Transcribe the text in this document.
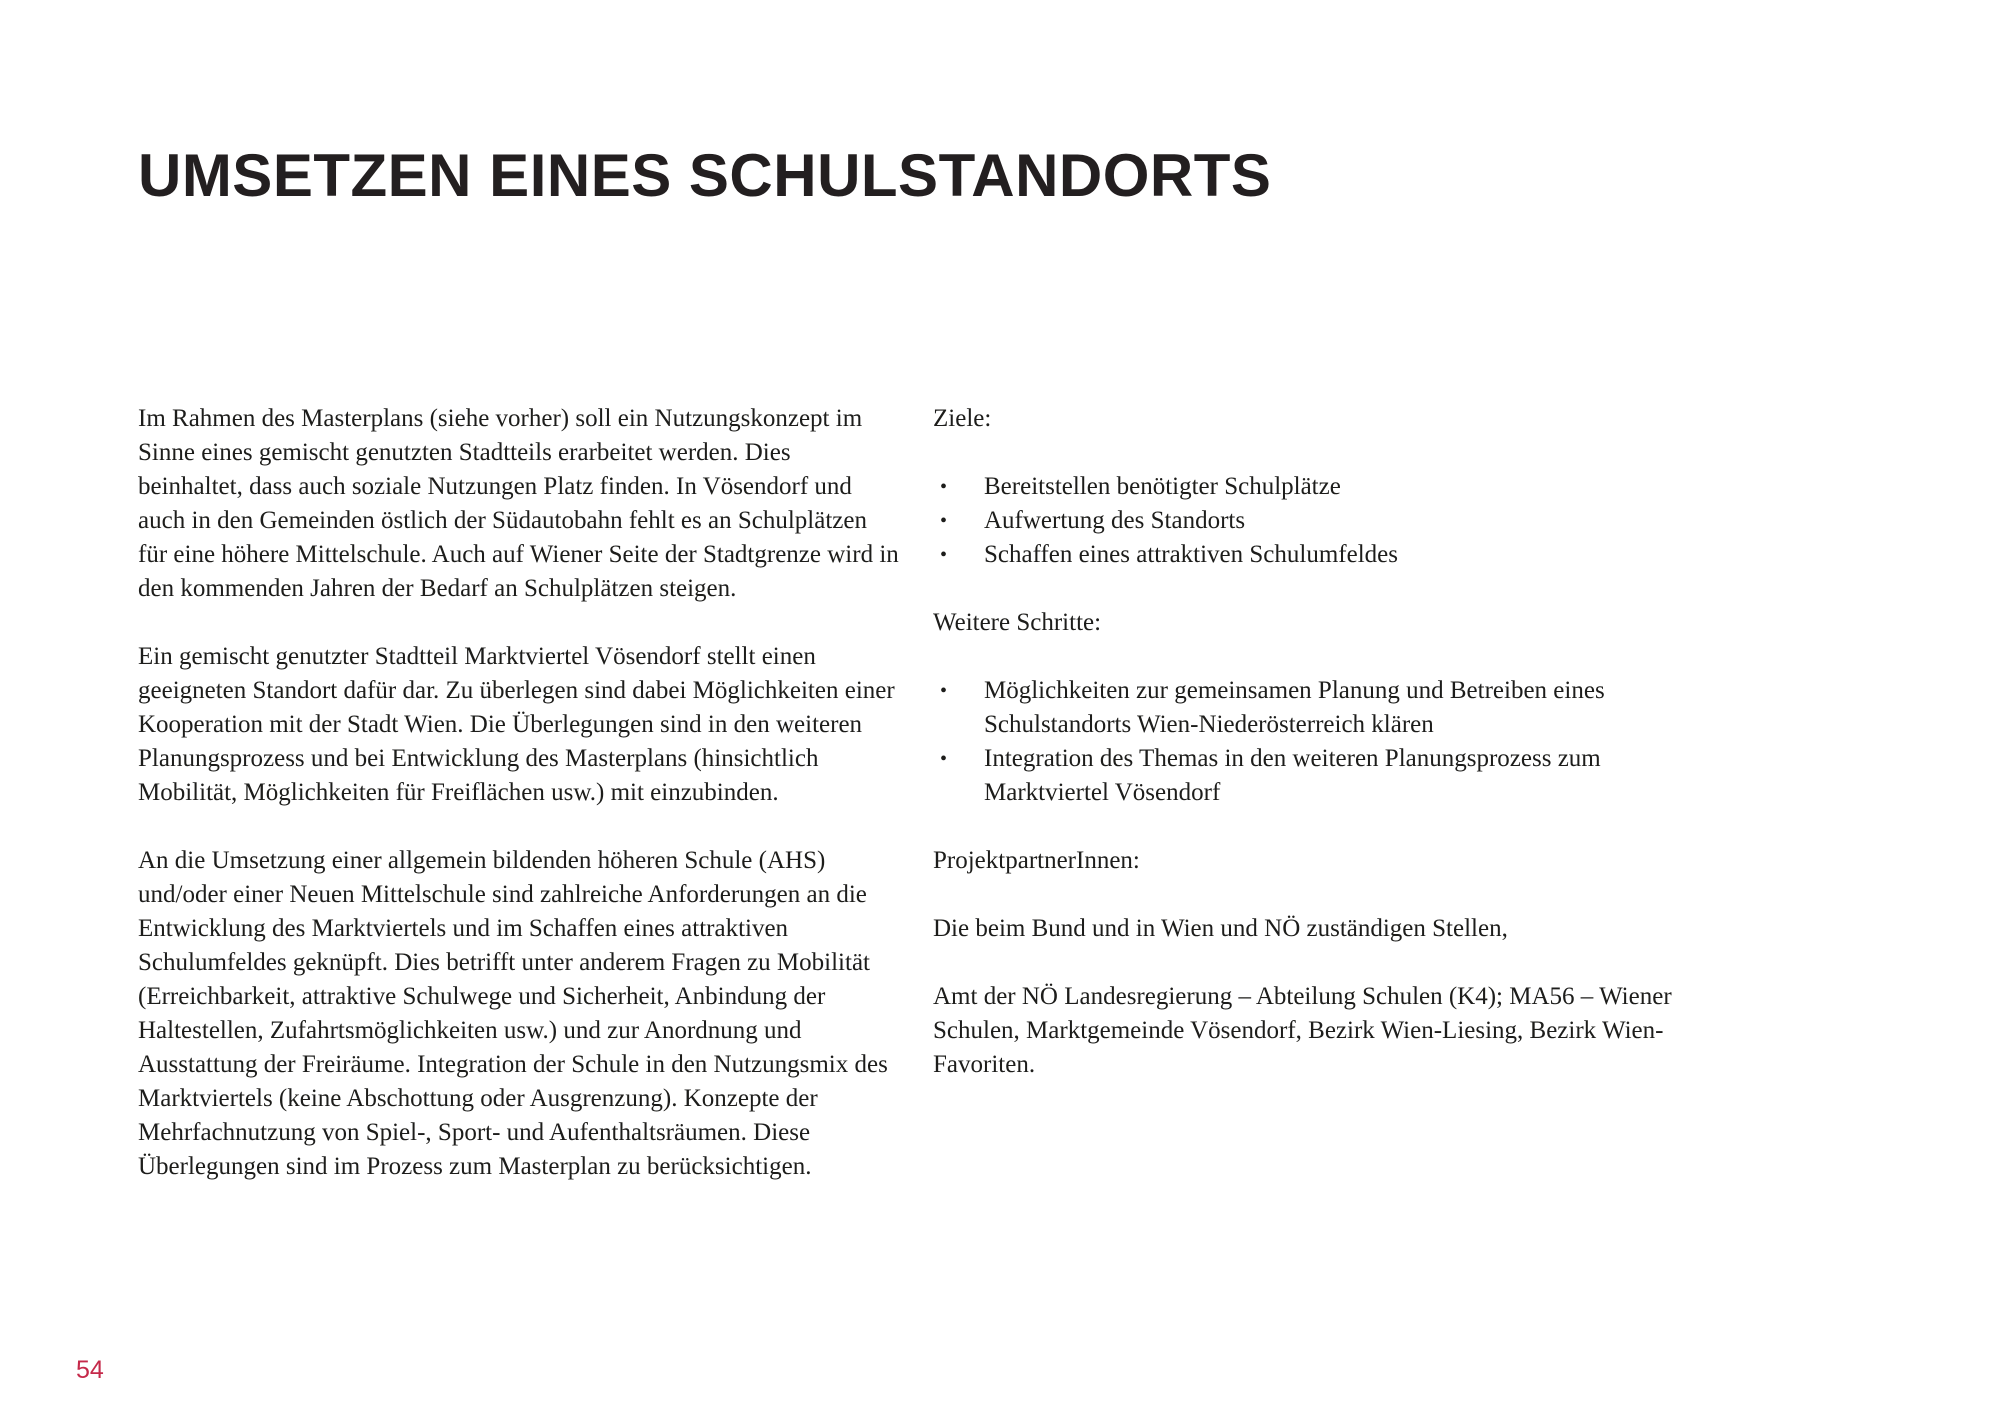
UMSETZEN EINES SCHULSTANDORTS

Im Rahmen des Masterplans (siehe vorher) soll ein Nutzungskonzept im Sinne eines gemischt genutzten Stadtteils erarbeitet werden. Dies beinhaltet, dass auch soziale Nutzungen Platz finden. In Vösendorf und auch in den Gemeinden östlich der Südautobahn fehlt es an Schulplätzen für eine höhere Mittelschule. Auch auf Wiener Seite der Stadtgrenze wird in den kommenden Jahren der Bedarf an Schulplätzen steigen.

Ein gemischt genutzter Stadtteil Marktviertel Vösendorf stellt einen geeigneten Standort dafür dar. Zu überlegen sind dabei Möglichkeiten einer Kooperation mit der Stadt Wien. Die Überlegungen sind in den weiteren Planungsprozess und bei Entwicklung des Masterplans (hinsichtlich Mobilität, Möglichkeiten für Freiflächen usw.) mit einzubinden.

An die Umsetzung einer allgemein bildenden höheren Schule (AHS) und/oder einer Neuen Mittelschule sind zahlreiche Anforderungen an die Entwicklung des Marktviertels und im Schaffen eines attraktiven Schulumfeldes geknüpft. Dies betrifft unter anderem Fragen zu Mobilität (Erreichbarkeit, attraktive Schulwege und Sicherheit, Anbindung der Haltestellen, Zufahrtsmöglichkeiten usw.) und zur Anordnung und Ausstattung der Freiräume. Integration der Schule in den Nutzungsmix des Marktviertels (keine Abschottung oder Ausgrenzung). Konzepte der Mehrfachnutzung von Spiel-, Sport- und Aufenthaltsräumen. Diese Überlegungen sind im Prozess zum Masterplan zu berücksichtigen.

Ziele:

•	Bereitstellen benötigter Schulplätze
•	Aufwertung des Standorts
•	Schaffen eines attraktiven Schulumfeldes

Weitere Schritte:

•	Möglichkeiten zur gemeinsamen Planung und Betreiben eines Schulstandorts Wien-Niederösterreich klären
•	Integration des Themas in den weiteren Planungsprozess zum Marktviertel Vösendorf

ProjektpartnerInnen:

Die beim Bund und in Wien und NÖ zuständigen Stellen,

Amt der NÖ Landesregierung – Abteilung Schulen (K4); MA56 – Wiener Schulen, Marktgemeinde Vösendorf, Bezirk Wien-Liesing, Bezirk Wien-Favoriten.

54
